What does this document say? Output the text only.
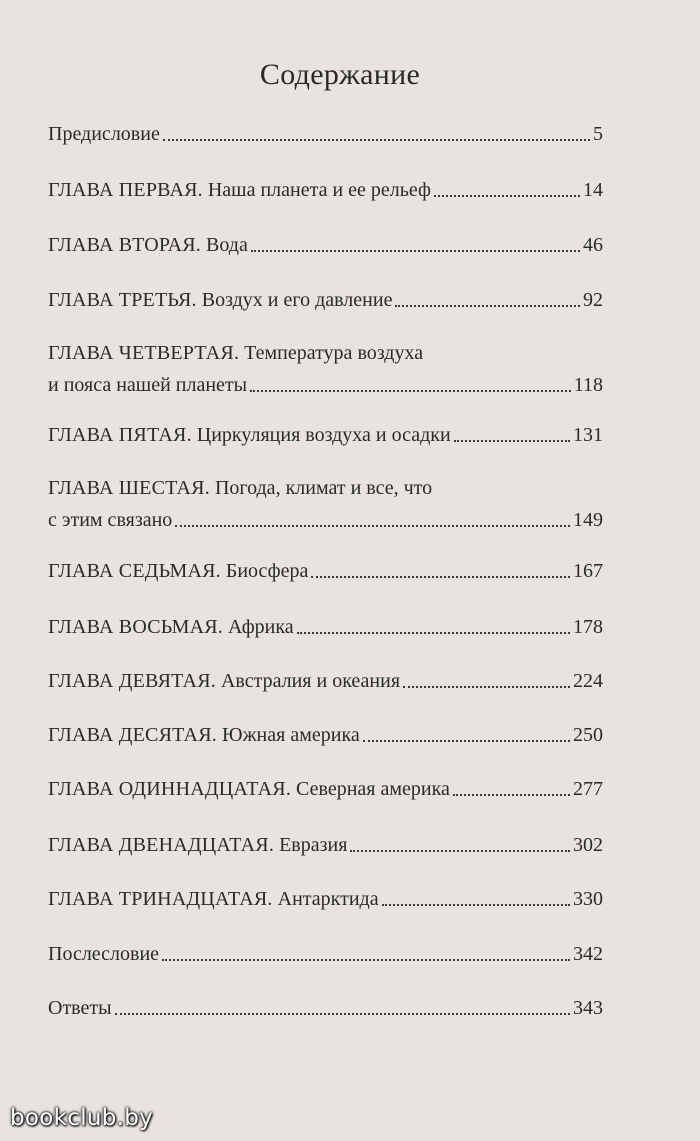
Содержание
Предисловие	5
ГЛАВА ПЕРВАЯ. Наша планета и ее рельеф	14
ГЛАВА ВТОРАЯ. Вода	46
ГЛАВА ТРЕТЬЯ. Воздух и его давление	92
ГЛАВА ЧЕТВЕРТАЯ. Температура воздуха
и пояса нашей планеты	118
ГЛАВА ПЯТАЯ. Циркуляция воздуха и осадки	131
ГЛАВА ШЕСТАЯ. Погода, климат и все, что
с этим связано	149
ГЛАВА СЕДЬМАЯ. Биосфера	167
ГЛАВА ВОСЬМАЯ. Африка	178
ГЛАВА ДЕВЯТАЯ. Австралия и океания	224
ГЛАВА ДЕСЯТАЯ. Южная америка	250
ГЛАВА ОДИННАДЦАТАЯ. Северная америка	277
ГЛАВА ДВЕНАДЦАТАЯ. Евразия	302
ГЛАВА ТРИНАДЦАТАЯ. Антарктида	330
Послесловие	342
Ответы	343
bookclub.by
